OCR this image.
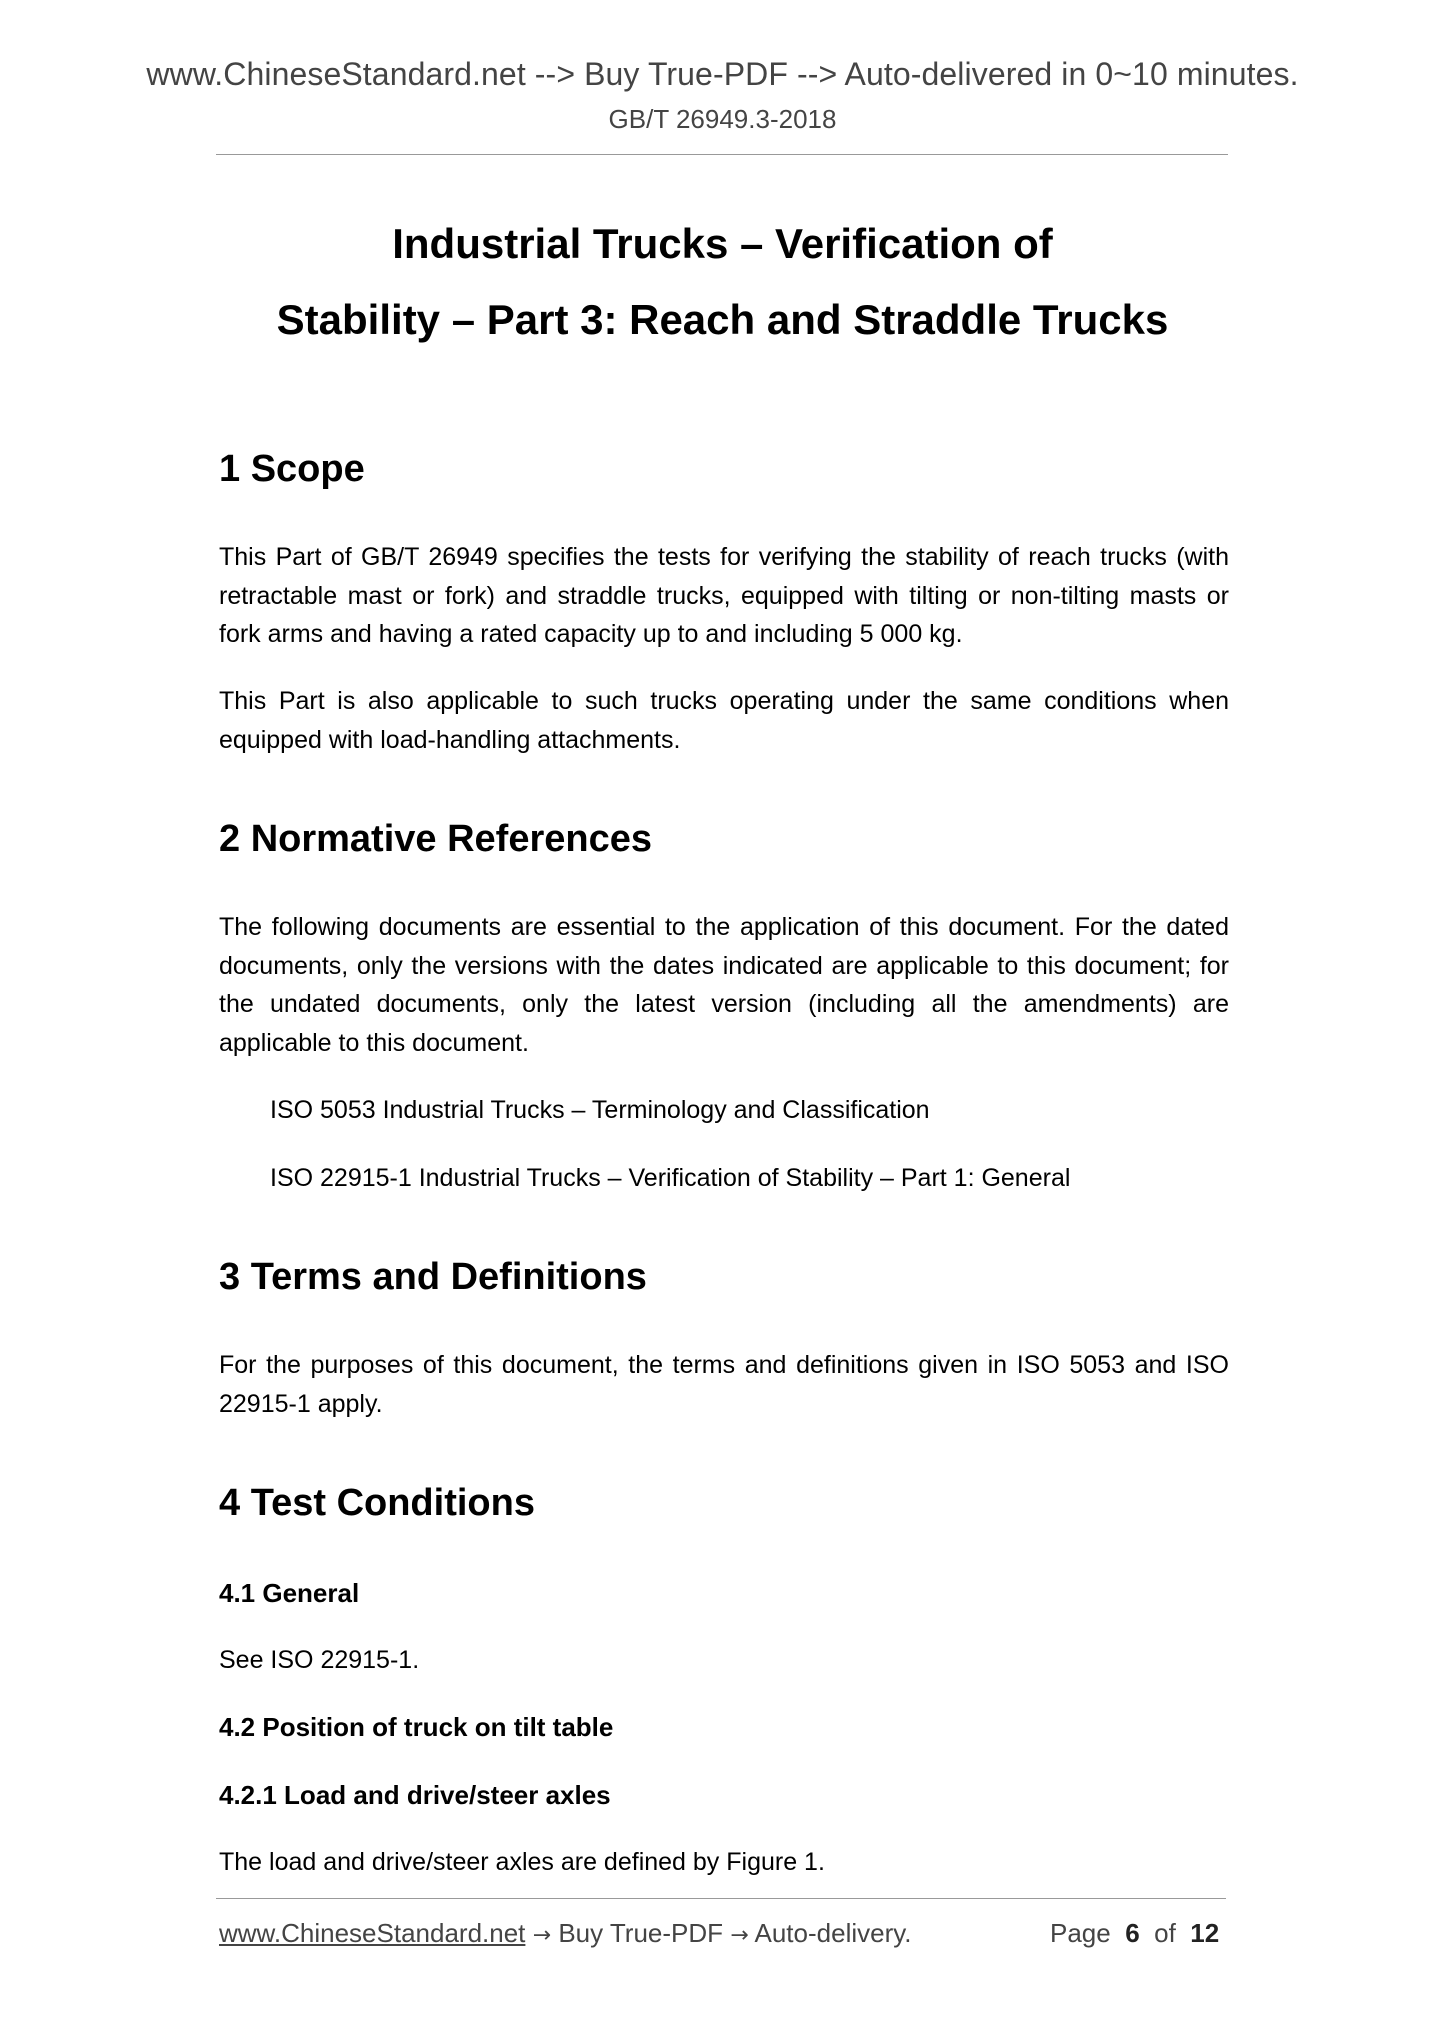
www.ChineseStandard.net --> Buy True-PDF --> Auto-delivered in 0~10 minutes.
GB/T 26949.3-2018
Industrial Trucks – Verification of
Stability – Part 3: Reach and Straddle Trucks
1 Scope
This Part of GB/T 26949 specifies the tests for verifying the stability of reach trucks (with retractable mast or fork) and straddle trucks, equipped with tilting or non-tilting masts or fork arms and having a rated capacity up to and including 5 000 kg.
This Part is also applicable to such trucks operating under the same conditions when equipped with load-handling attachments.
2 Normative References
The following documents are essential to the application of this document. For the dated documents, only the versions with the dates indicated are applicable to this document; for the undated documents, only the latest version (including all the amendments) are applicable to this document.
ISO 5053 Industrial Trucks – Terminology and Classification
ISO 22915-1 Industrial Trucks – Verification of Stability – Part 1: General
3 Terms and Definitions
For the purposes of this document, the terms and definitions given in ISO 5053 and ISO 22915-1 apply.
4 Test Conditions
4.1 General
See ISO 22915-1.
4.2 Position of truck on tilt table
4.2.1 Load and drive/steer axles
The load and drive/steer axles are defined by Figure 1.
www.ChineseStandard.net → Buy True-PDF → Auto-delivery.	Page 6 of 12
